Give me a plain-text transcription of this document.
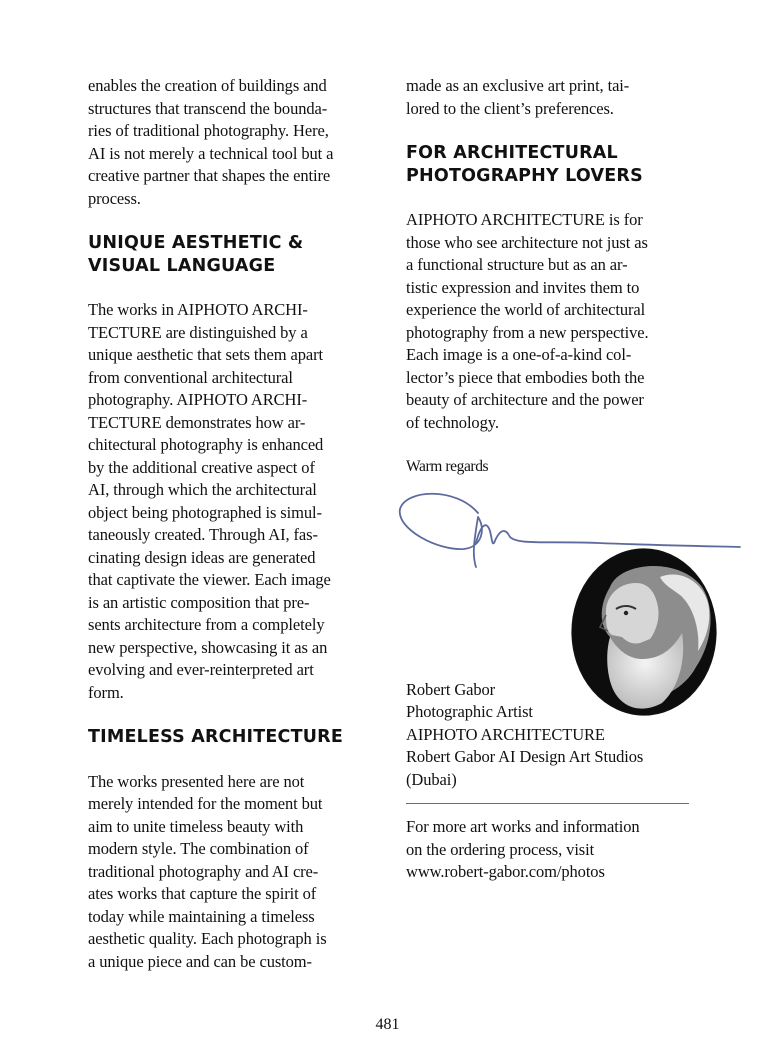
enables the creation of buildings and
structures that transcend the bounda-
ries of traditional photography. Here,
AI is not merely a technical tool but a
creative partner that shapes the entire
process.

UNIQUE AESTHETIC &
VISUAL LANGUAGE

The works in AIPHOTO ARCHI-
TECTURE are distinguished by a
unique aesthetic that sets them apart
from conventional architectural
photography. AIPHOTO ARCHI-
TECTURE demonstrates how ar-
chitectural photography is enhanced
by the additional creative aspect of
AI, through which the architectural
object being photographed is simul-
taneously created. Through AI, fas-
cinating design ideas are generated
that captivate the viewer. Each image
is an artistic composition that pre-
sents architecture from a completely
new perspective, showcasing it as an
evolving and ever-reinterpreted art
form.

TIMELESS ARCHITECTURE

The works presented here are not
merely intended for the moment but
aim to unite timeless beauty with
modern style. The combination of
traditional photography and AI cre-
ates works that capture the spirit of
today while maintaining a timeless
aesthetic quality. Each photograph is
a unique piece and can be custom-

made as an exclusive art print, tai-
lored to the client’s preferences.

FOR ARCHITECTURAL
PHOTOGRAPHY LOVERS

AIPHOTO ARCHITECTURE is for
those who see architecture not just as
a functional structure but as an ar-
tistic expression and invites them to
experience the world of architectural
photography from a new perspective.
Each image is a one-of-a-kind col-
lector’s piece that embodies both the
beauty of architecture and the power
of technology.

Warm regards

Robert Gabor

Photographic Artist

AIPHOTO ARCHITECTURE

Robert Gabor AI Design Art Studios

(Dubai)

For more art works and information
on the ordering process, visit
www.robert-gabor.com/photos

481
